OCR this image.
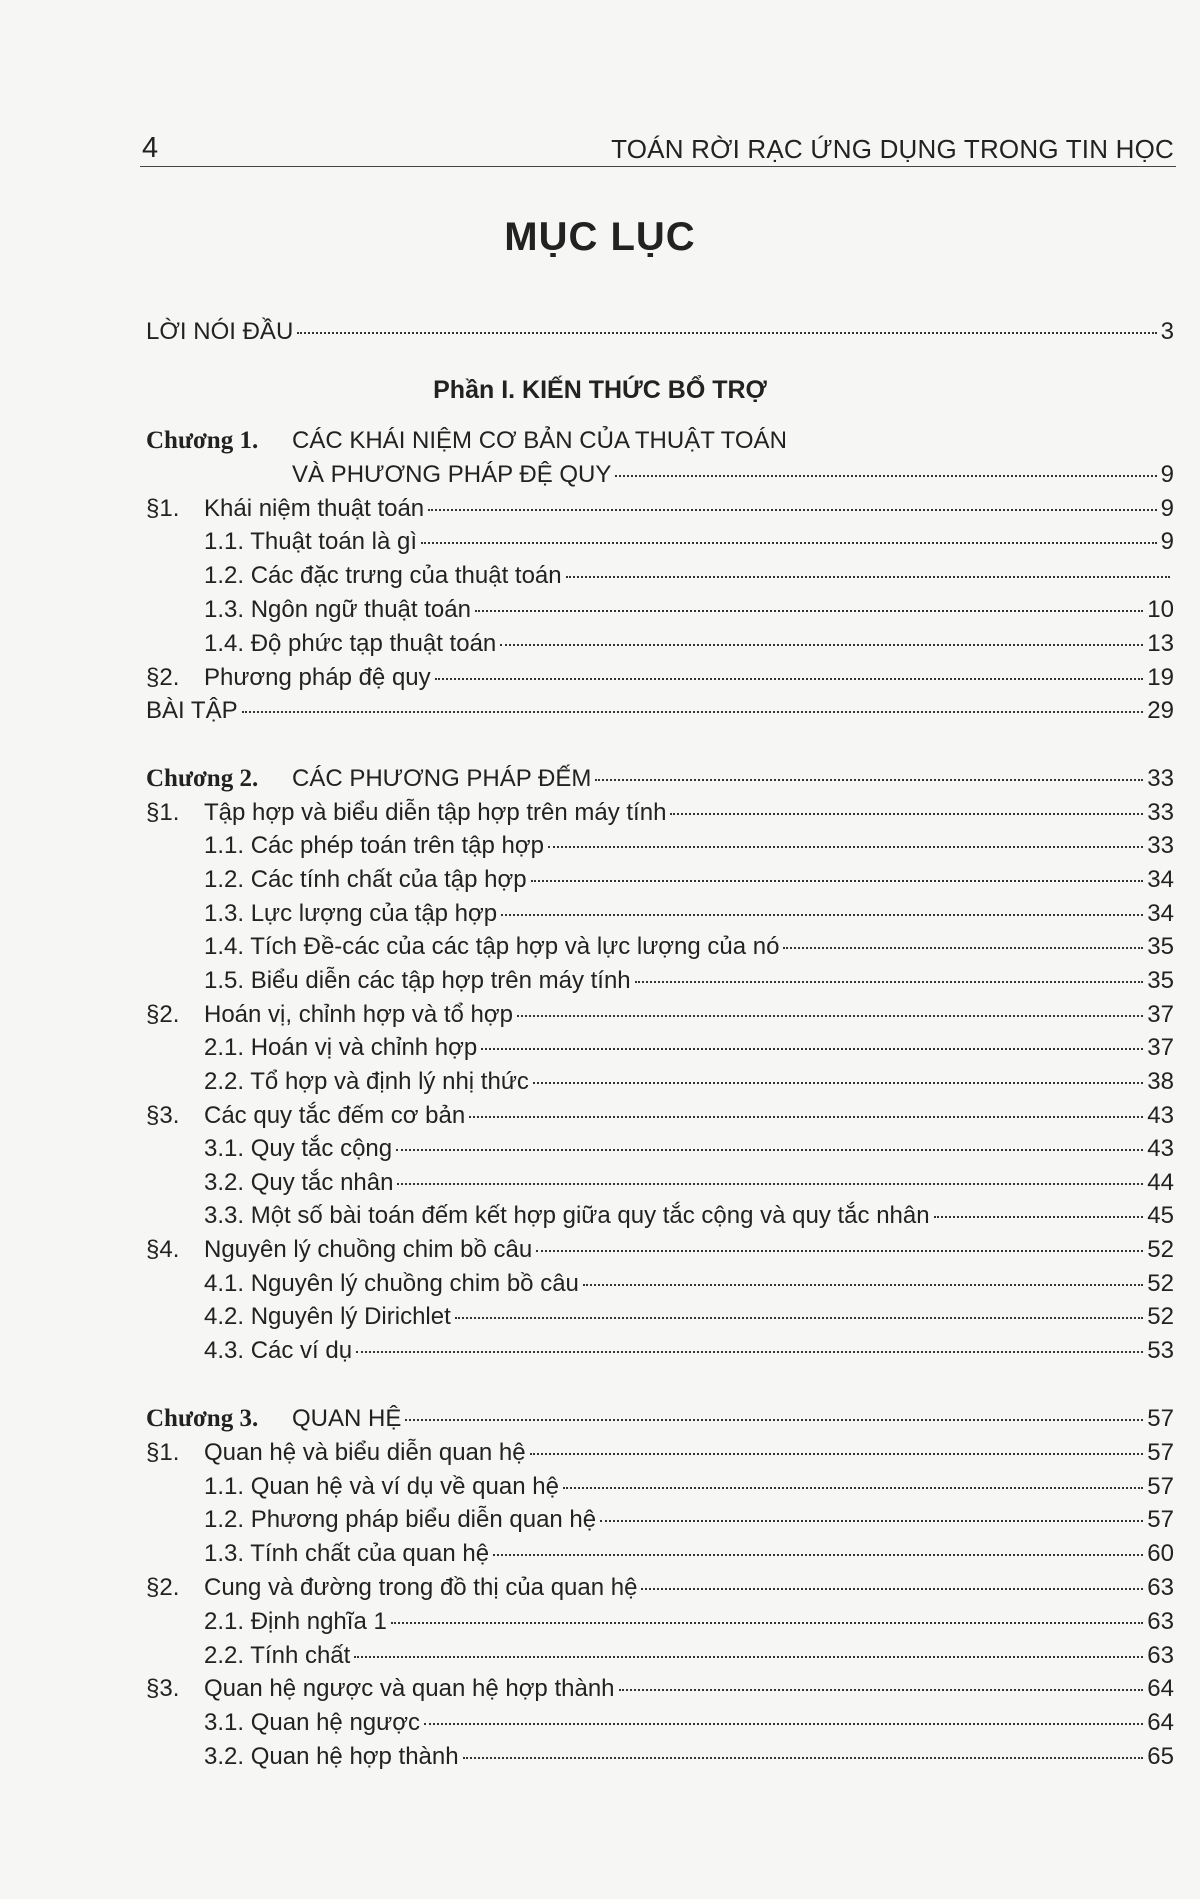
4	TOÁN RỜI RẠC ỨNG DỤNG TRONG TIN HỌC
MỤC LỤC
LỜI NÓI ĐẦU	3
Phần I. KIẾN THỨC BỔ TRỢ
Chương 1.	CÁC KHÁI NIỆM CƠ BẢN CỦA THUẬT TOÁN
VÀ PHƯƠNG PHÁP ĐỆ QUY	9
§1.	Khái niệm thuật toán	9
1.1. Thuật toán là gì	9
1.2. Các đặc trưng của thuật toán
1.3. Ngôn ngữ thuật toán	10
1.4. Độ phức tạp thuật toán	13
§2.	Phương pháp đệ quy	19
BÀI TẬP	29
Chương 2.	CÁC PHƯƠNG PHÁP ĐẾM	33
§1.	Tập hợp và biểu diễn tập hợp trên máy tính	33
1.1. Các phép toán trên tập hợp	33
1.2. Các tính chất của tập hợp	34
1.3. Lực lượng của tập hợp	34
1.4. Tích Đề-các của các tập hợp và lực lượng của nó	35
1.5. Biểu diễn các tập hợp trên máy tính	35
§2.	Hoán vị, chỉnh hợp và tổ hợp	37
2.1. Hoán vị và chỉnh hợp	37
2.2. Tổ hợp và định lý nhị thức	38
§3.	Các quy tắc đếm cơ bản	43
3.1. Quy tắc cộng	43
3.2. Quy tắc nhân	44
3.3. Một số bài toán đếm kết hợp giữa quy tắc cộng và quy tắc nhân	45
§4.	Nguyên lý chuồng chim bồ câu	52
4.1. Nguyên lý chuồng chim bồ câu	52
4.2. Nguyên lý Dirichlet	52
4.3. Các ví dụ	53
Chương 3.	QUAN HỆ	57
§1.	Quan hệ và biểu diễn quan hệ	57
1.1. Quan hệ và ví dụ về quan hệ	57
1.2. Phương pháp biểu diễn quan hệ	57
1.3. Tính chất của quan hệ	60
§2.	Cung và đường trong đồ thị của quan hệ	63
2.1. Định nghĩa 1	63
2.2. Tính chất	63
§3.	Quan hệ ngược và quan hệ hợp thành	64
3.1. Quan hệ ngược	64
3.2. Quan hệ hợp thành	65
